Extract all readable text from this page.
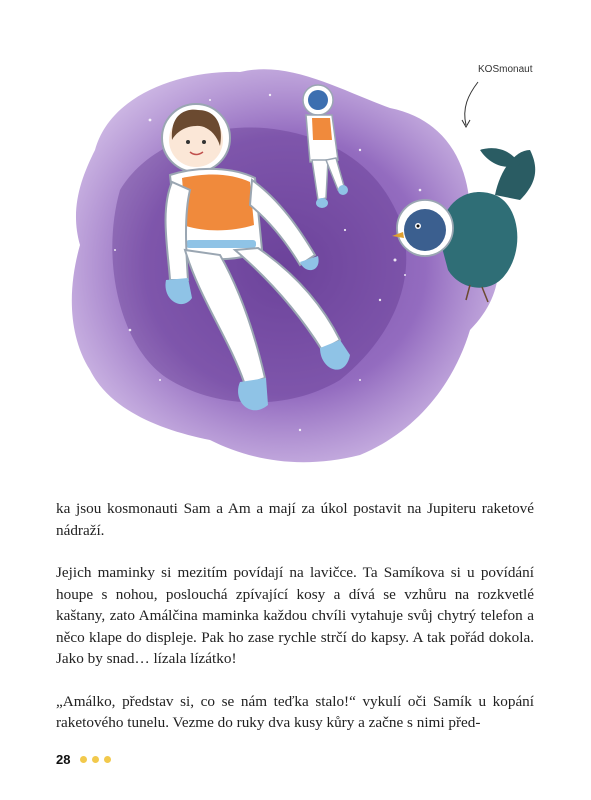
KOSmonaut

ka jsou kosmonauti Sam a Am a mají za úkol postavit na Jupiteru raketové nádraží.

Jejich maminky si mezitím povídají na lavičce. Ta Samíkova si u povídání houpe s nohou, poslouchá zpívající kosy a dívá se vzhůru na rozkvetlé kaštany, zato Amálčina maminka každou chvíli vytahuje svůj chytrý telefon a něco klape do displeje. Pak ho zase rychle strčí do kapsy. A tak pořád dokola. Jako by snad… lízala lízátko!

„Amálko, představ si, co se nám teďka stalo!“ vykulí oči Samík u kopání raketového tunelu. Vezme do ruky dva kusy kůry a začne s nimi před-

28
